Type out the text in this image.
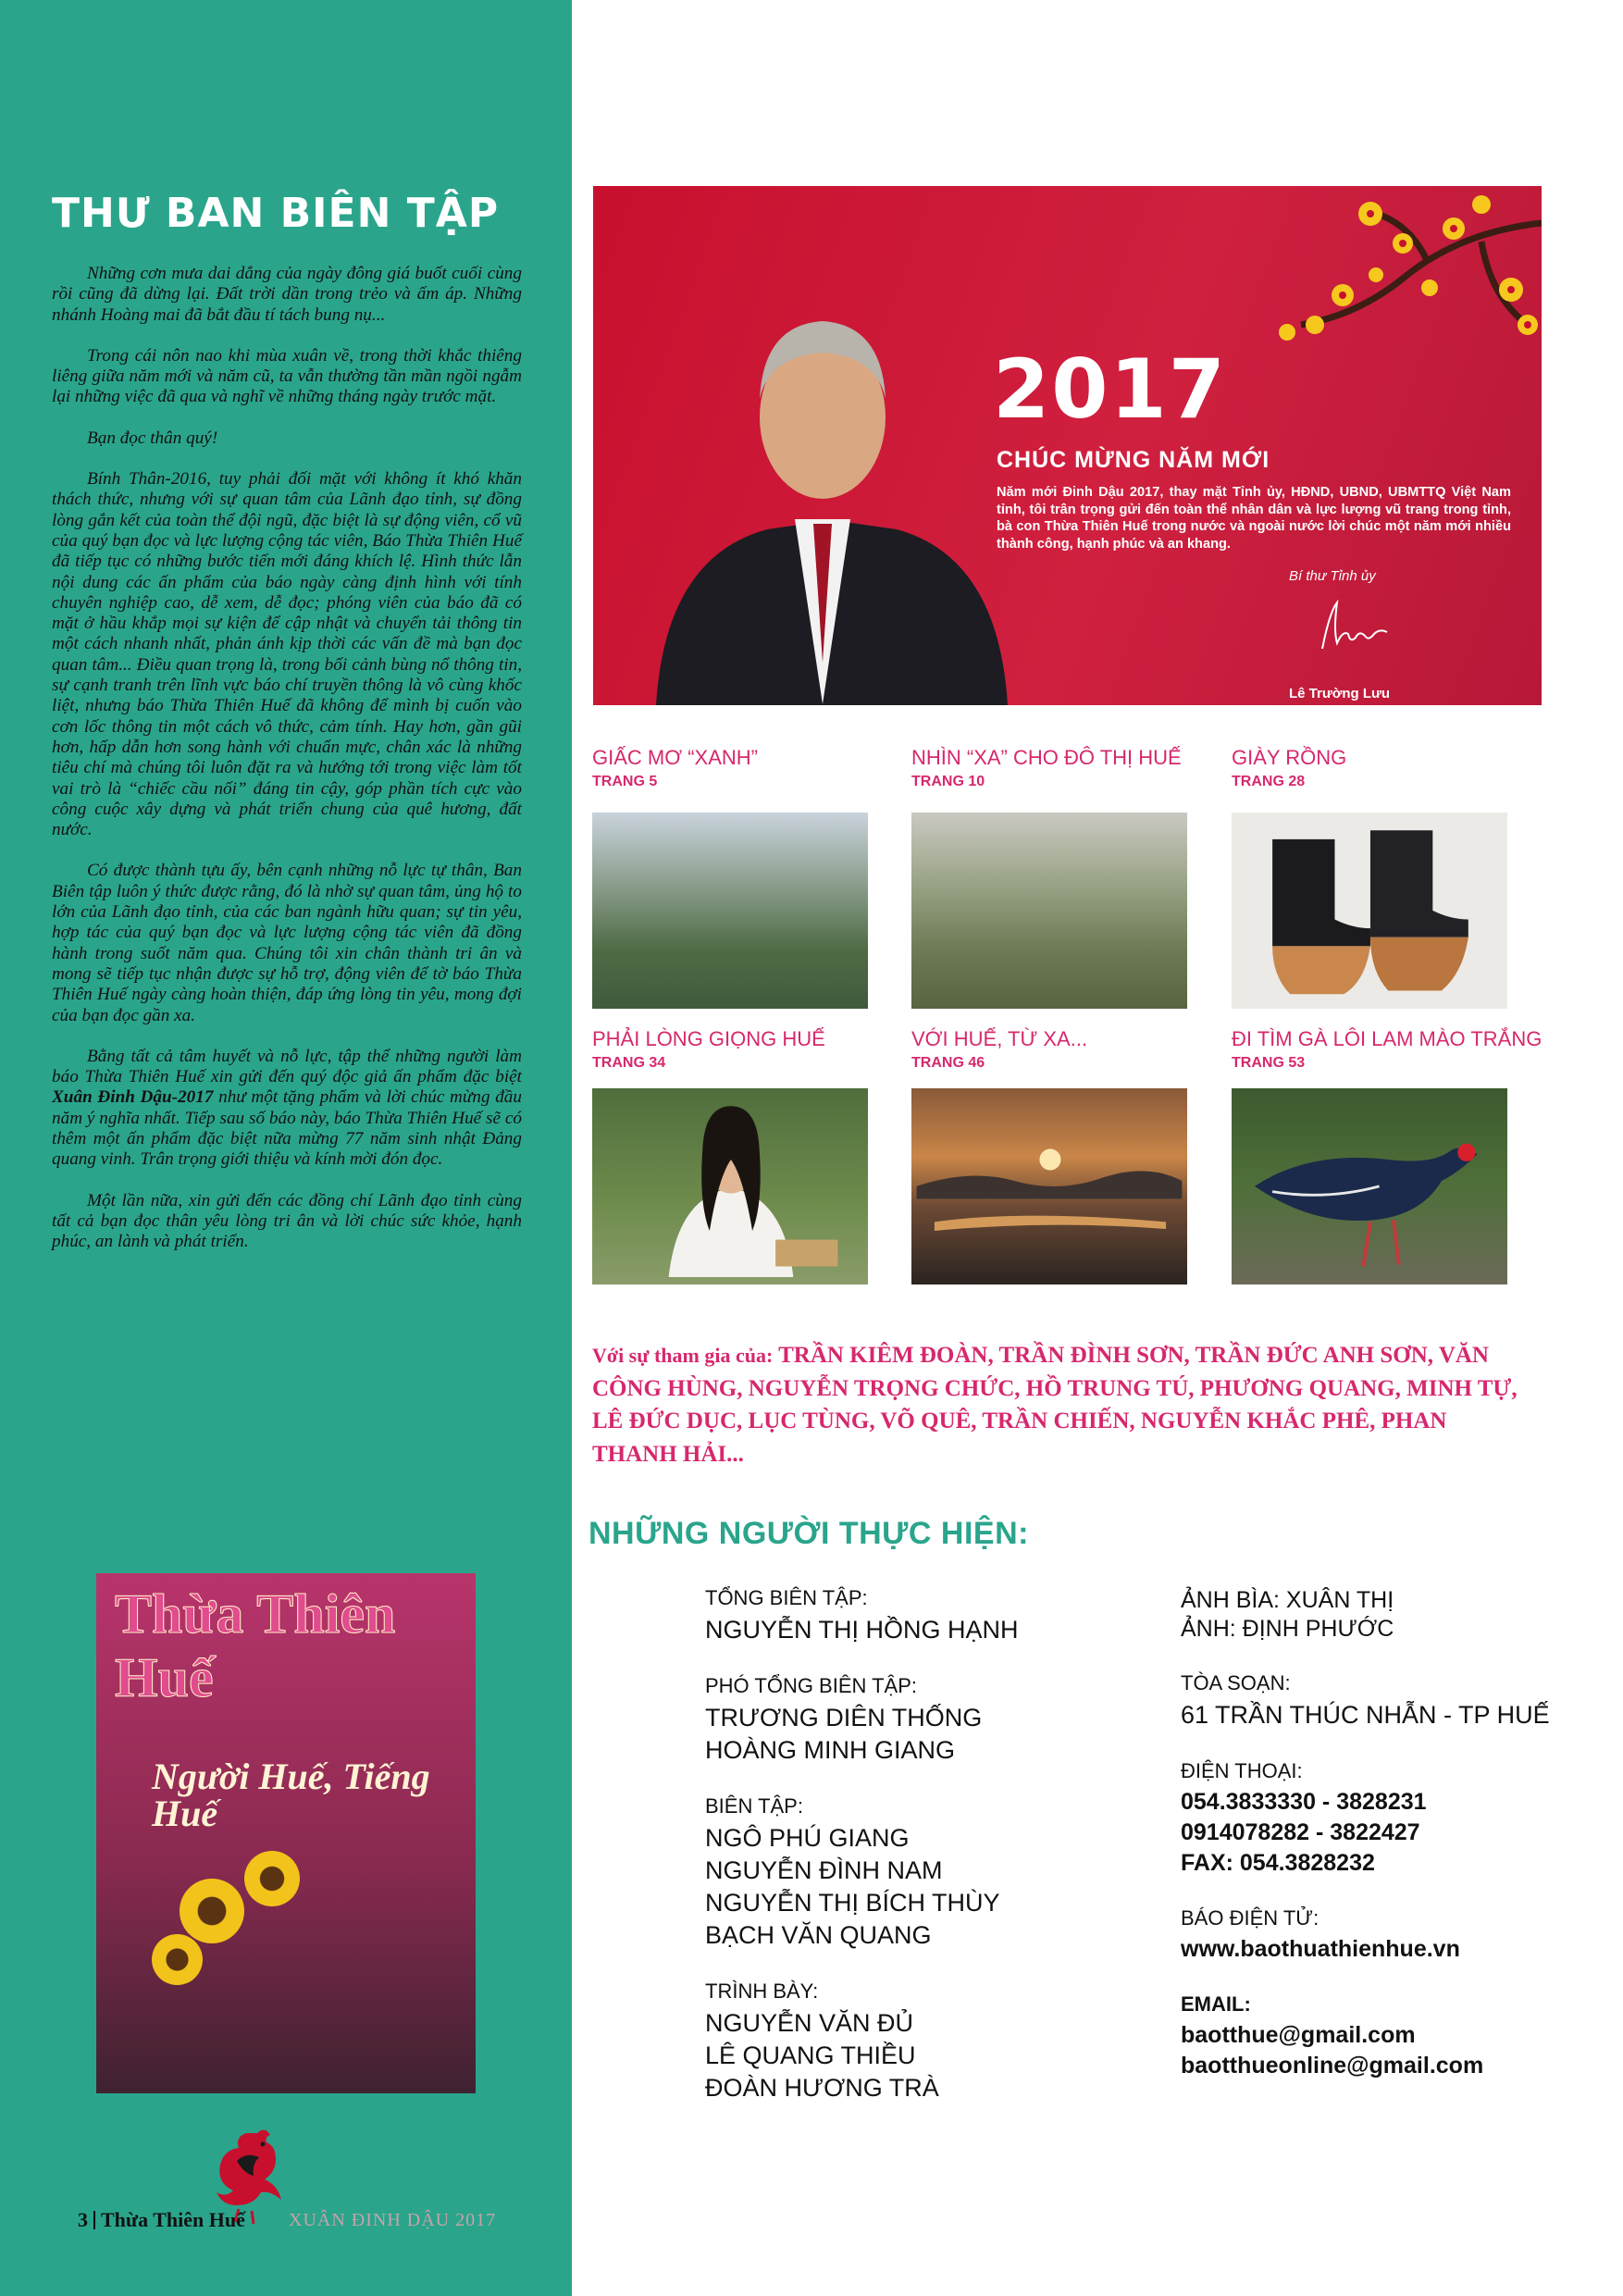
THƯ BAN BIÊN TẬP

Những cơn mưa dai dẳng của ngày đông giá buốt cuối cùng rồi cũng đã dừng lại. Đất trời dần trong trẻo và ấm áp. Những nhánh Hoàng mai đã bắt đầu tí tách bung nụ...

Trong cái nôn nao khi mùa xuân về, trong thời khắc thiêng liêng giữa năm mới và năm cũ, ta vẫn thường tần mần ngồi ngẫm lại những việc đã qua và nghĩ về những tháng ngày trước mặt.

Bạn đọc thân quý!

Bính Thân-2016, tuy phải đối mặt với không ít khó khăn thách thức, nhưng với sự quan tâm của Lãnh đạo tỉnh, sự đồng lòng gắn kết của toàn thể đội ngũ, đặc biệt là sự động viên, cổ vũ của quý bạn đọc và lực lượng cộng tác viên, Báo Thừa Thiên Huế đã tiếp tục có những bước tiến mới đáng khích lệ. Hình thức lẫn nội dung các ấn phẩm của báo ngày càng định hình với tính chuyên nghiệp cao, dễ xem, dễ đọc; phóng viên của báo đã có mặt ở hầu khắp mọi sự kiện để cập nhật và chuyển tải thông tin một cách nhanh nhất, phản ánh kịp thời các vấn đề mà bạn đọc quan tâm... Điều quan trọng là, trong bối cảnh bùng nổ thông tin, sự cạnh tranh trên lĩnh vực báo chí truyền thông là vô cùng khốc liệt, nhưng báo Thừa Thiên Huế đã không để mình bị cuốn vào cơn lốc thông tin một cách vô thức, cảm tính. Hay hơn, gần gũi hơn, hấp dẫn hơn song hành với chuẩn mực, chân xác là những tiêu chí mà chúng tôi luôn đặt ra và hướng tới trong việc làm tốt vai trò là “chiếc cầu nối” đáng tin cậy, góp phần tích cực vào công cuộc xây dựng và phát triển chung của quê hương, đất nước.

Có được thành tựu ấy, bên cạnh những nỗ lực tự thân, Ban Biên tập luôn ý thức được rằng, đó là nhờ sự quan tâm, ủng hộ to lớn của Lãnh đạo tỉnh, của các ban ngành hữu quan; sự tin yêu, hợp tác của quý bạn đọc và lực lượng cộng tác viên đã đồng hành trong suốt năm qua. Chúng tôi xin chân thành tri ân và mong sẽ tiếp tục nhận được sự hỗ trợ, động viên để tờ báo Thừa Thiên Huế ngày càng hoàn thiện, đáp ứng lòng tin yêu, mong đợi của bạn đọc gần xa.

Bằng tất cả tâm huyết và nỗ lực, tập thể những người làm báo Thừa Thiên Huế xin gửi đến quý độc giả ấn phẩm đặc biệt Xuân Đinh Dậu-2017 như một tặng phẩm và lời chúc mừng đầu năm ý nghĩa nhất. Tiếp sau số báo này, báo Thừa Thiên Huế sẽ có thêm một ấn phẩm đặc biệt nữa mừng 77 năm sinh nhật Đảng quang vinh. Trân trọng giới thiệu và kính mời đón đọc.

Một lần nữa, xin gửi đến các đồng chí Lãnh đạo tỉnh cùng tất cả bạn đọc thân yêu lòng tri ân và lời chúc sức khỏe, hạnh phúc, an lành và phát triển.

BAN BIÊN TẬP
Thừa Thiên Huế
Người Huế, Tiếng Huế
3 Thừa Thiên Huế XUÂN ĐINH DẬU 2017
2017
CHÚC MỪNG NĂM MỚI
Năm mới Đinh Dậu 2017, thay mặt Tỉnh ủy, HĐND, UBND, UBMTTQ Việt Nam tỉnh, tôi trân trọng gửi đến toàn thể nhân dân và lực lượng vũ trang trong tỉnh, bà con Thừa Thiên Huế trong nước và ngoài nước lời chúc một năm mới nhiều thành công, hạnh phúc và an khang.
Bí thư Tỉnh ủy
Lê Trường Lưu
GIẤC MƠ “XANH”
TRANG 5
NHÌN “XA” CHO ĐÔ THỊ HUẾ
TRANG 10
GIÀY RỒNG
TRANG 28
PHẢI LÒNG GIỌNG HUẾ
TRANG 34
VỚI HUẾ, TỪ XA...
TRANG 46
ĐI TÌM GÀ LÔI LAM MÀO TRẮNG
TRANG 53
Với sự tham gia của: TRẦN KIÊM ĐOÀN, TRẦN ĐÌNH SƠN, TRẦN ĐỨC ANH SƠN, VĂN CÔNG HÙNG, NGUYỄN TRỌNG CHỨC, HỒ TRUNG TÚ, PHƯƠNG QUANG, MINH TỰ, LÊ ĐỨC DỤC, LỤC TÙNG, VÕ QUÊ, TRẦN CHIẾN, NGUYỄN KHẮC PHÊ, PHAN THANH HẢI...
NHỮNG NGƯỜI THỰC HIỆN:
TỔNG BIÊN TẬP:
NGUYỄN THỊ HỒNG HẠNH
PHÓ TỔNG BIÊN TẬP:
TRƯƠNG DIÊN THỐNG
HOÀNG MINH GIANG
BIÊN TẬP:
NGÔ PHÚ GIANG
NGUYỄN ĐÌNH NAM
NGUYỄN THỊ BÍCH THÙY
BẠCH VĂN QUANG
TRÌNH BÀY:
NGUYỄN VĂN ĐỦ
LÊ QUANG THIỀU
ĐOÀN HƯƠNG TRÀ
ẢNH BÌA: XUÂN THỊ
ẢNH: ĐỊNH PHƯỚC
TÒA SOẠN:
61 TRẦN THÚC NHẪN - TP HUẾ
ĐIỆN THOẠI:
054.3833330 - 3828231
0914078282 - 3822427
FAX: 054.3828232
BÁO ĐIỆN TỬ:
www.baothuathienhue.vn
EMAIL:
baotthue@gmail.com
baotthueonline@gmail.com
